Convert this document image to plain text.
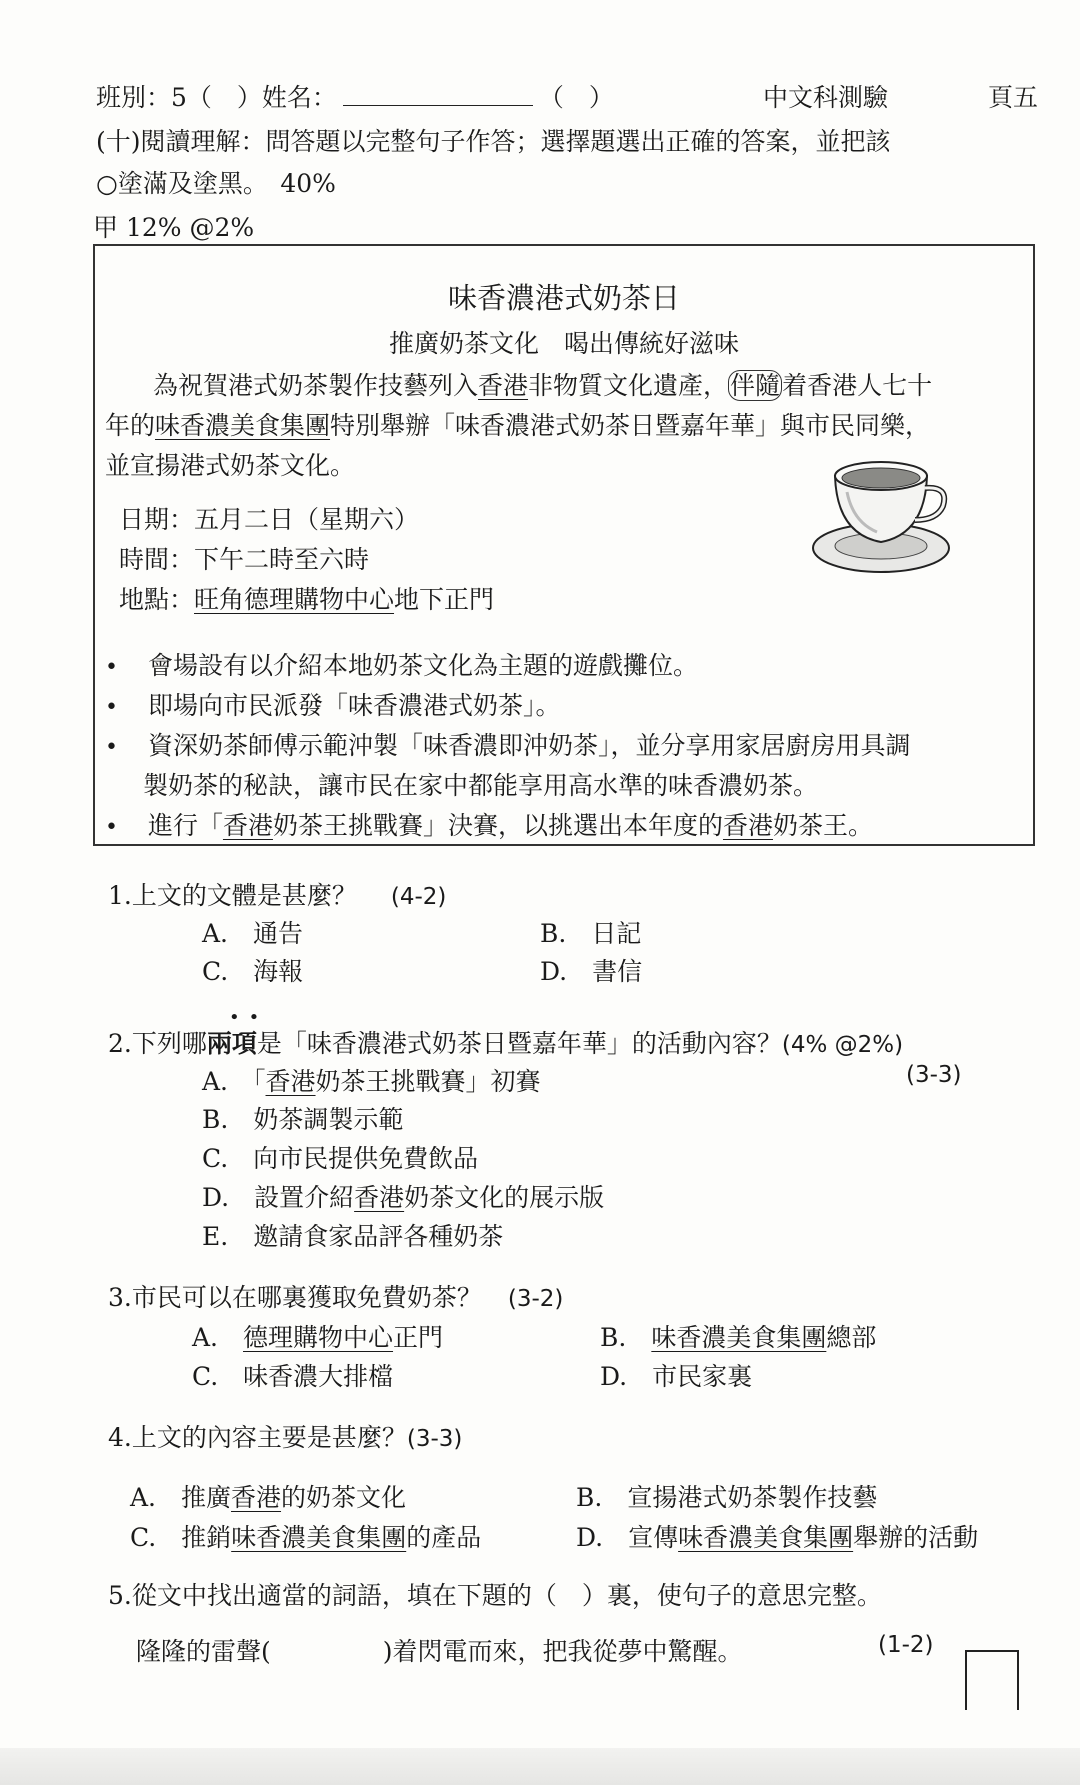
班別：5（　）姓名：	（　）	中文科測驗	頁五
(十)閱讀理解：問答題以完整句子作答；選擇題選出正確的答案，並把該
○塗滿及塗黑。　40%
甲 12% @2%
味香濃港式奶茶日
推廣奶茶文化　喝出傳統好滋味
為祝賀港式奶茶製作技藝列入香港非物質文化遺產，伴隨着香港人七十
年的味香濃美食集團特別舉辦「味香濃港式奶茶日暨嘉年華」與市民同樂，
並宣揚港式奶茶文化。
日期：五月二日（星期六）
時間：下午二時至六時
地點：旺角德理購物中心地下正門
• 會場設有以介紹本地奶茶文化為主題的遊戲攤位。
• 即場向市民派發「味香濃港式奶茶」。
• 資深奶茶師傅示範沖製「味香濃即沖奶茶」，並分享用家居廚房用具調
製奶茶的秘訣，讓市民在家中都能享用高水準的味香濃奶茶。
• 進行「香港奶茶王挑戰賽」決賽，以挑選出本年度的香港奶茶王。
1.上文的文體是甚麼？ (4-2)
A.　通告	B.　日記
C.　海報	D.　書信
••
2.下列哪兩項是「味香濃港式奶茶日暨嘉年華」的活動內容？(4% @2%)
(3-3)
A.　「香港奶茶王挑戰賽」初賽
B.　奶茶調製示範
C.　向市民提供免費飲品
D.　設置介紹香港奶茶文化的展示版
E.　邀請食家品評各種奶茶
3.市民可以在哪裏獲取免費奶茶？ (3-2)
A.　德理購物中心正門	B.　味香濃美食集團總部
C.　味香濃大排檔	D.　市民家裏
4.上文的內容主要是甚麼？(3-3)
A.　推廣香港的奶茶文化	B.　宣揚港式奶茶製作技藝
C.　推銷味香濃美食集團的產品	D.　宣傳味香濃美食集團舉辦的活動
5.從文中找出適當的詞語，填在下題的（　）裏，使句子的意思完整。
隆隆的雷聲(	)着閃電而來，把我從夢中驚醒。	(1-2)
